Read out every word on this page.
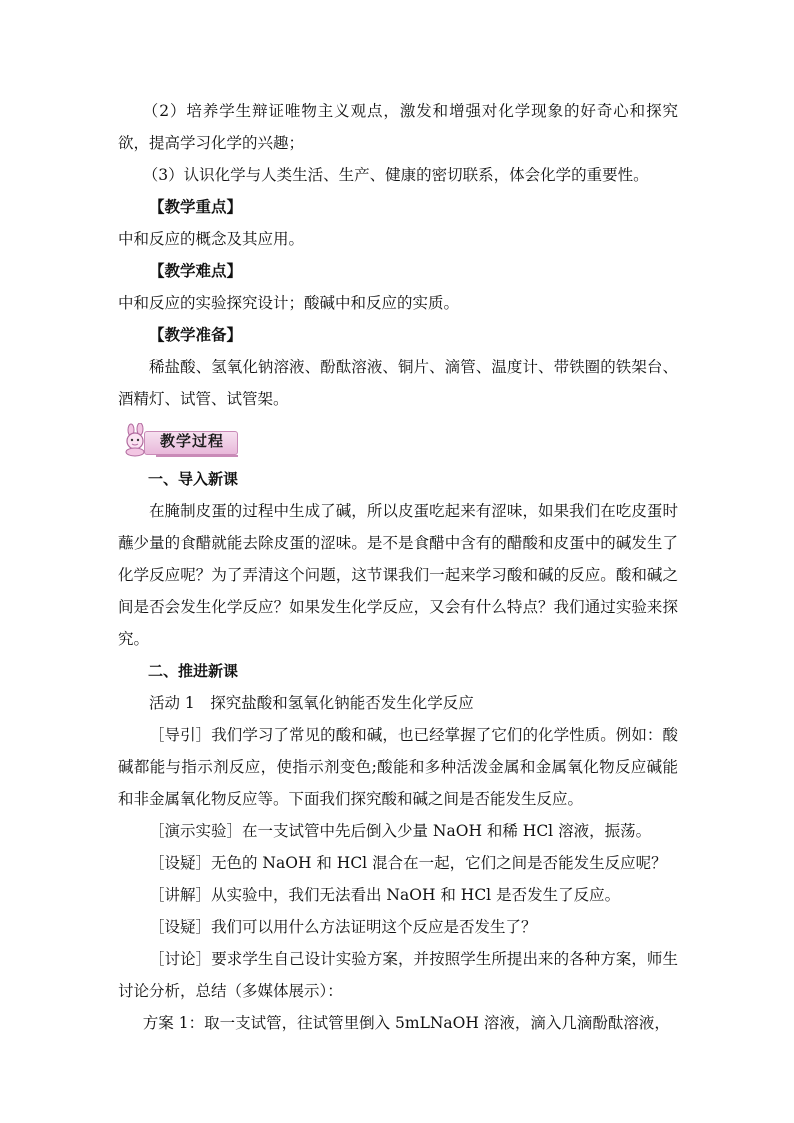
（2）培养学生辩证唯物主义观点，激发和增强对化学现象的好奇心和探究欲，提高学习化学的兴趣；

（3）认识化学与人类生活、生产、健康的密切联系，体会化学的重要性。

【教学重点】

中和反应的概念及其应用。

【教学难点】

中和反应的实验探究设计；酸碱中和反应的实质。

【教学准备】

稀盐酸、氢氧化钠溶液、酚酞溶液、铜片、滴管、温度计、带铁圈的铁架台、酒精灯、试管、试管架。

教学过程

一、导入新课

在腌制皮蛋的过程中生成了碱，所以皮蛋吃起来有涩味，如果我们在吃皮蛋时蘸少量的食醋就能去除皮蛋的涩味。是不是食醋中含有的醋酸和皮蛋中的碱发生了化学反应呢？为了弄清这个问题，这节课我们一起来学习酸和碱的反应。酸和碱之间是否会发生化学反应？如果发生化学反应，又会有什么特点？我们通过实验来探究。

二、推进新课

活动 1　探究盐酸和氢氧化钠能否发生化学反应

［导引］我们学习了常见的酸和碱，也已经掌握了它们的化学性质。例如：酸碱都能与指示剂反应，使指示剂变色;酸能和多种活泼金属和金属氧化物反应碱能和非金属氧化物反应等。下面我们探究酸和碱之间是否能发生反应。

［演示实验］在一支试管中先后倒入少量 NaOH 和稀 HCl 溶液，振荡。

［设疑］无色的 NaOH 和 HCl 混合在一起，它们之间是否能发生反应呢？

［讲解］从实验中，我们无法看出 NaOH 和 HCl 是否发生了反应。

［设疑］我们可以用什么方法证明这个反应是否发生了？

［讨论］要求学生自己设计实验方案，并按照学生所提出来的各种方案，师生讨论分析，总结（多媒体展示）：

方案 1：取一支试管，往试管里倒入 5mLNaOH 溶液，滴入几滴酚酞溶液，
